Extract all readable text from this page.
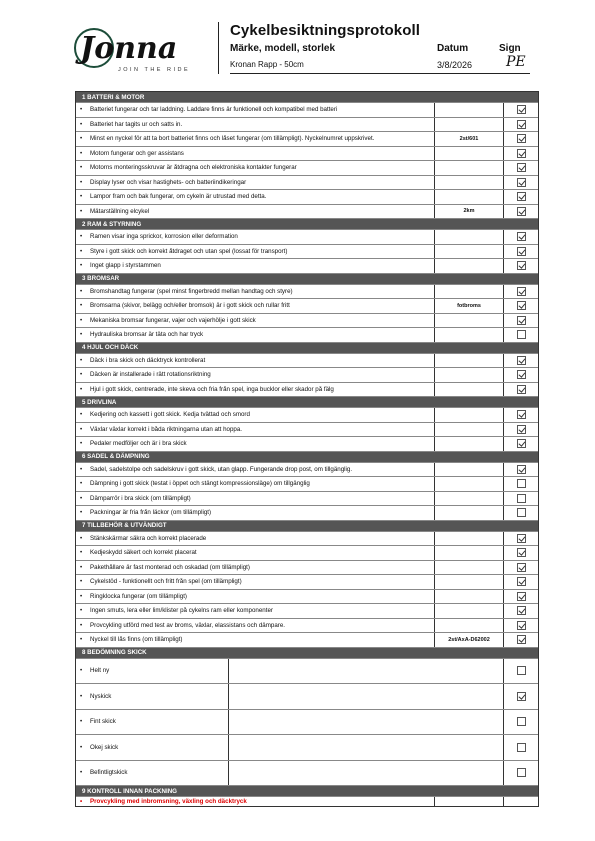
Jonna
JOIN THE RIDE
Cykelbesiktningsprotokoll
Märke, modell, storlek
Kronan Rapp - 50cm
Datum
3/8/2026
Sign
PE
1 BATTERI & MOTOR
• Batteriet fungerar och tar laddning. Laddare finns är funktionell och kompatibel med batteri
• Batteriet har tagits ur och satts in.
• Minst en nyckel för att ta bort batteriet finns och låset fungerar (om tillämpligt). Nyckelnumret uppskrivet.	2st/601
• Motorn fungerar och ger assistans
• Motorns monteringsskruvar är åtdragna och elektroniska kontakter fungerar
• Display lyser och visar hastighets- och batteriindikeringar
• Lampor fram och bak fungerar, om cykeln är utrustad med detta.
• Mätarställning elcykel	2km
2 RAM & STYRNING
• Ramen visar inga sprickor, korrosion eller deformation
• Styre i gott skick och korrekt åtdraget och utan spel (lossat för transport)
• Inget glapp i styrstammen
3 BROMSAR
• Bromshandtag fungerar (spel minst fingerbredd mellan handtag och styre)
• Bromsarna (skivor, belägg och/eller bromsok) är i gott skick och rullar fritt	fotbroms
• Mekaniska bromsar fungerar, vajer och vajerhölje i gott skick
• Hydrauliska bromsar är täta och har tryck
4 HJUL OCH DÄCK
• Däck i bra skick och däcktryck kontrollerat
• Däcken är installerade i rätt rotationsriktning
• Hjul i gott skick, centrerade, inte skeva och fria från spel, inga bucklor eller skador på fälg
5 DRIVLINA
• Kedjering och kassett i gott skick. Kedja tvättad och smord
• Växlar växlar korrekt i båda riktningarna utan att hoppa.
• Pedaler medföljer och är i bra skick
6 SADEL & DÄMPNING
• Sadel, sadelstolpe och sadelskruv i gott skick, utan glapp. Fungerande drop post, om tillgänglig.
• Dämpning i gott skick (testat i öppet och stängt kompressionsläge) om tillgänglig
• Dämparrör i bra skick (om tillämpligt)
• Packningar är fria från läckor (om tillämpligt)
7 TILLBEHÖR & UTVÄNDIGT
• Stänkskärmar säkra och korrekt placerade
• Kedjeskydd säkert och korrekt placerat
• Pakethållare är fast monterad och oskadad (om tillämpligt)
• Cykelstöd - funktionellt och fritt från spel (om tillämpligt)
• Ringklocka fungerar (om tillämpligt)
• Ingen smuts, lera eller lim/klister på cykelns ram eller komponenter
• Provcykling utförd med test av broms, växlar, elassistans och dämpare.
• Nyckel till lås finns (om tillämpligt)	2st/AxA-D62002
8 BEDÖMNING SKICK
• Helt ny
• Nyskick
• Fint skick
• Okej skick
• Befintligtskick
9 KONTROLL INNAN PACKNING
• Provcykling med inbromsning, växling och däcktryck
